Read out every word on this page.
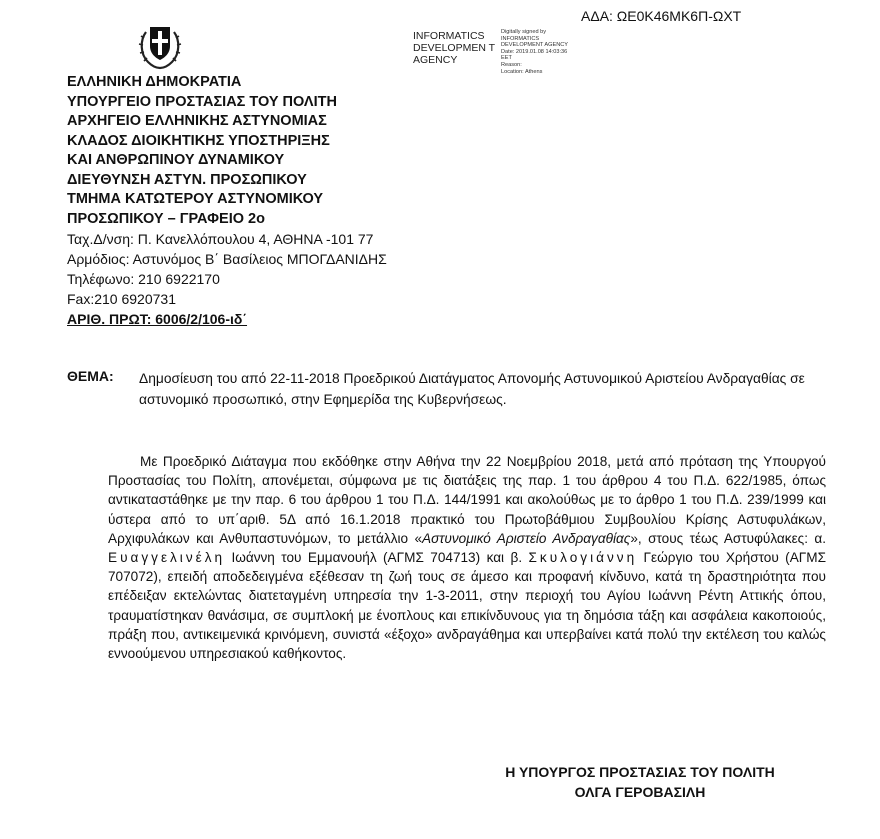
ΑΔΑ: ΩΕ0Κ46ΜΚ6Π-ΩΧΤ
INFORMATICS DEVELOPMEN T AGENCY
Digitally signed by
INFORMATICS
DEVELOPMENT AGENCY
Date: 2019.01.08 14:03:36
EET
Reason:
Location: Athens
ΕΛΛΗΝΙΚΗ ΔΗΜΟΚΡΑΤΙΑ
ΥΠΟΥΡΓΕΙΟ ΠΡΟΣΤΑΣΙΑΣ ΤΟΥ ΠΟΛΙΤΗ
ΑΡΧΗΓΕΙΟ ΕΛΛΗΝΙΚΗΣ ΑΣΤΥΝΟΜΙΑΣ
ΚΛΑΔΟΣ ΔΙΟΙΚΗΤΙΚΗΣ ΥΠΟΣΤΗΡΙΞΗΣ
ΚΑΙ ΑΝΘΡΩΠΙΝΟΥ ΔΥΝΑΜΙΚΟΥ
ΔΙΕΥΘΥΝΣΗ ΑΣΤΥΝ. ΠΡΟΣΩΠΙΚΟΥ
ΤΜΗΜΑ ΚΑΤΩΤΕΡΟΥ ΑΣΤΥΝΟΜΙΚΟΥ
ΠΡΟΣΩΠΙΚΟΥ – ΓΡΑΦΕΙΟ 2ο
Ταχ.Δ/νση: Π. Κανελλόπουλου 4, ΑΘΗΝΑ -101 77
Αρμόδιος: Αστυνόμος Β΄ Βασίλειος ΜΠΟΓΔΑΝΙΔΗΣ
Τηλέφωνο: 210 6922170
Fax:210 6920731
ΑΡΙΘ. ΠΡΩΤ: 6006/2/106-ιδ΄
ΘΕΜΑ: Δημοσίευση του από 22-11-2018 Προεδρικού Διατάγματος Απονομής Αστυνομικού Αριστείου Ανδραγαθίας σε αστυνομικό προσωπικό, στην Εφημερίδα της Κυβερνήσεως.
Με Προεδρικό Διάταγμα που εκδόθηκε στην Αθήνα την 22 Νοεμβρίου 2018, μετά από πρόταση της Υπουργού Προστασίας του Πολίτη, απονέμεται, σύμφωνα με τις διατάξεις της παρ. 1 του άρθρου 4 του Π.Δ. 622/1985, όπως αντικαταστάθηκε με την παρ. 6 του άρθρου 1 του Π.Δ. 144/1991 και ακολούθως με το άρθρο 1 του Π.Δ. 239/1999 και ύστερα από το υπ΄αριθ. 5Δ από 16.1.2018 πρακτικό του Πρωτοβάθμιου Συμβουλίου Κρίσης Αστυφυλάκων, Αρχιφυλάκων και Ανθυπαστυνόμων, το μετάλλιο «Αστυνομικό Αριστείο Ανδραγαθίας», στους τέως Αστυφύλακες: α. Ευαγγελινέλη Ιωάννη του Εμμανουήλ (ΑΓΜΣ 704713) και β. Σκυλογιάννη Γεώργιο του Χρήστου (ΑΓΜΣ 707072), επειδή αποδεδειγμένα εξέθεσαν τη ζωή τους σε άμεσο και προφανή κίνδυνο, κατά τη δραστηριότητα που επέδειξαν εκτελώντας διατεταγμένη υπηρεσία την 1-3-2011, στην περιοχή του Αγίου Ιωάννη Ρέντη Αττικής όπου, τραυματίστηκαν θανάσιμα, σε συμπλοκή με ένοπλους και επικίνδυνους για τη δημόσια τάξη και ασφάλεια κακοποιούς, πράξη που, αντικειμενικά κρινόμενη, συνιστά «έξοχο» ανδραγάθημα και υπερβαίνει κατά πολύ την εκτέλεση του καλώς εννοούμενου υπηρεσιακού καθήκοντος.
Η ΥΠΟΥΡΓΟΣ ΠΡΟΣΤΑΣΙΑΣ ΤΟΥ ΠΟΛΙΤΗ
ΟΛΓΑ ΓΕΡΟΒΑΣΙΛΗ
